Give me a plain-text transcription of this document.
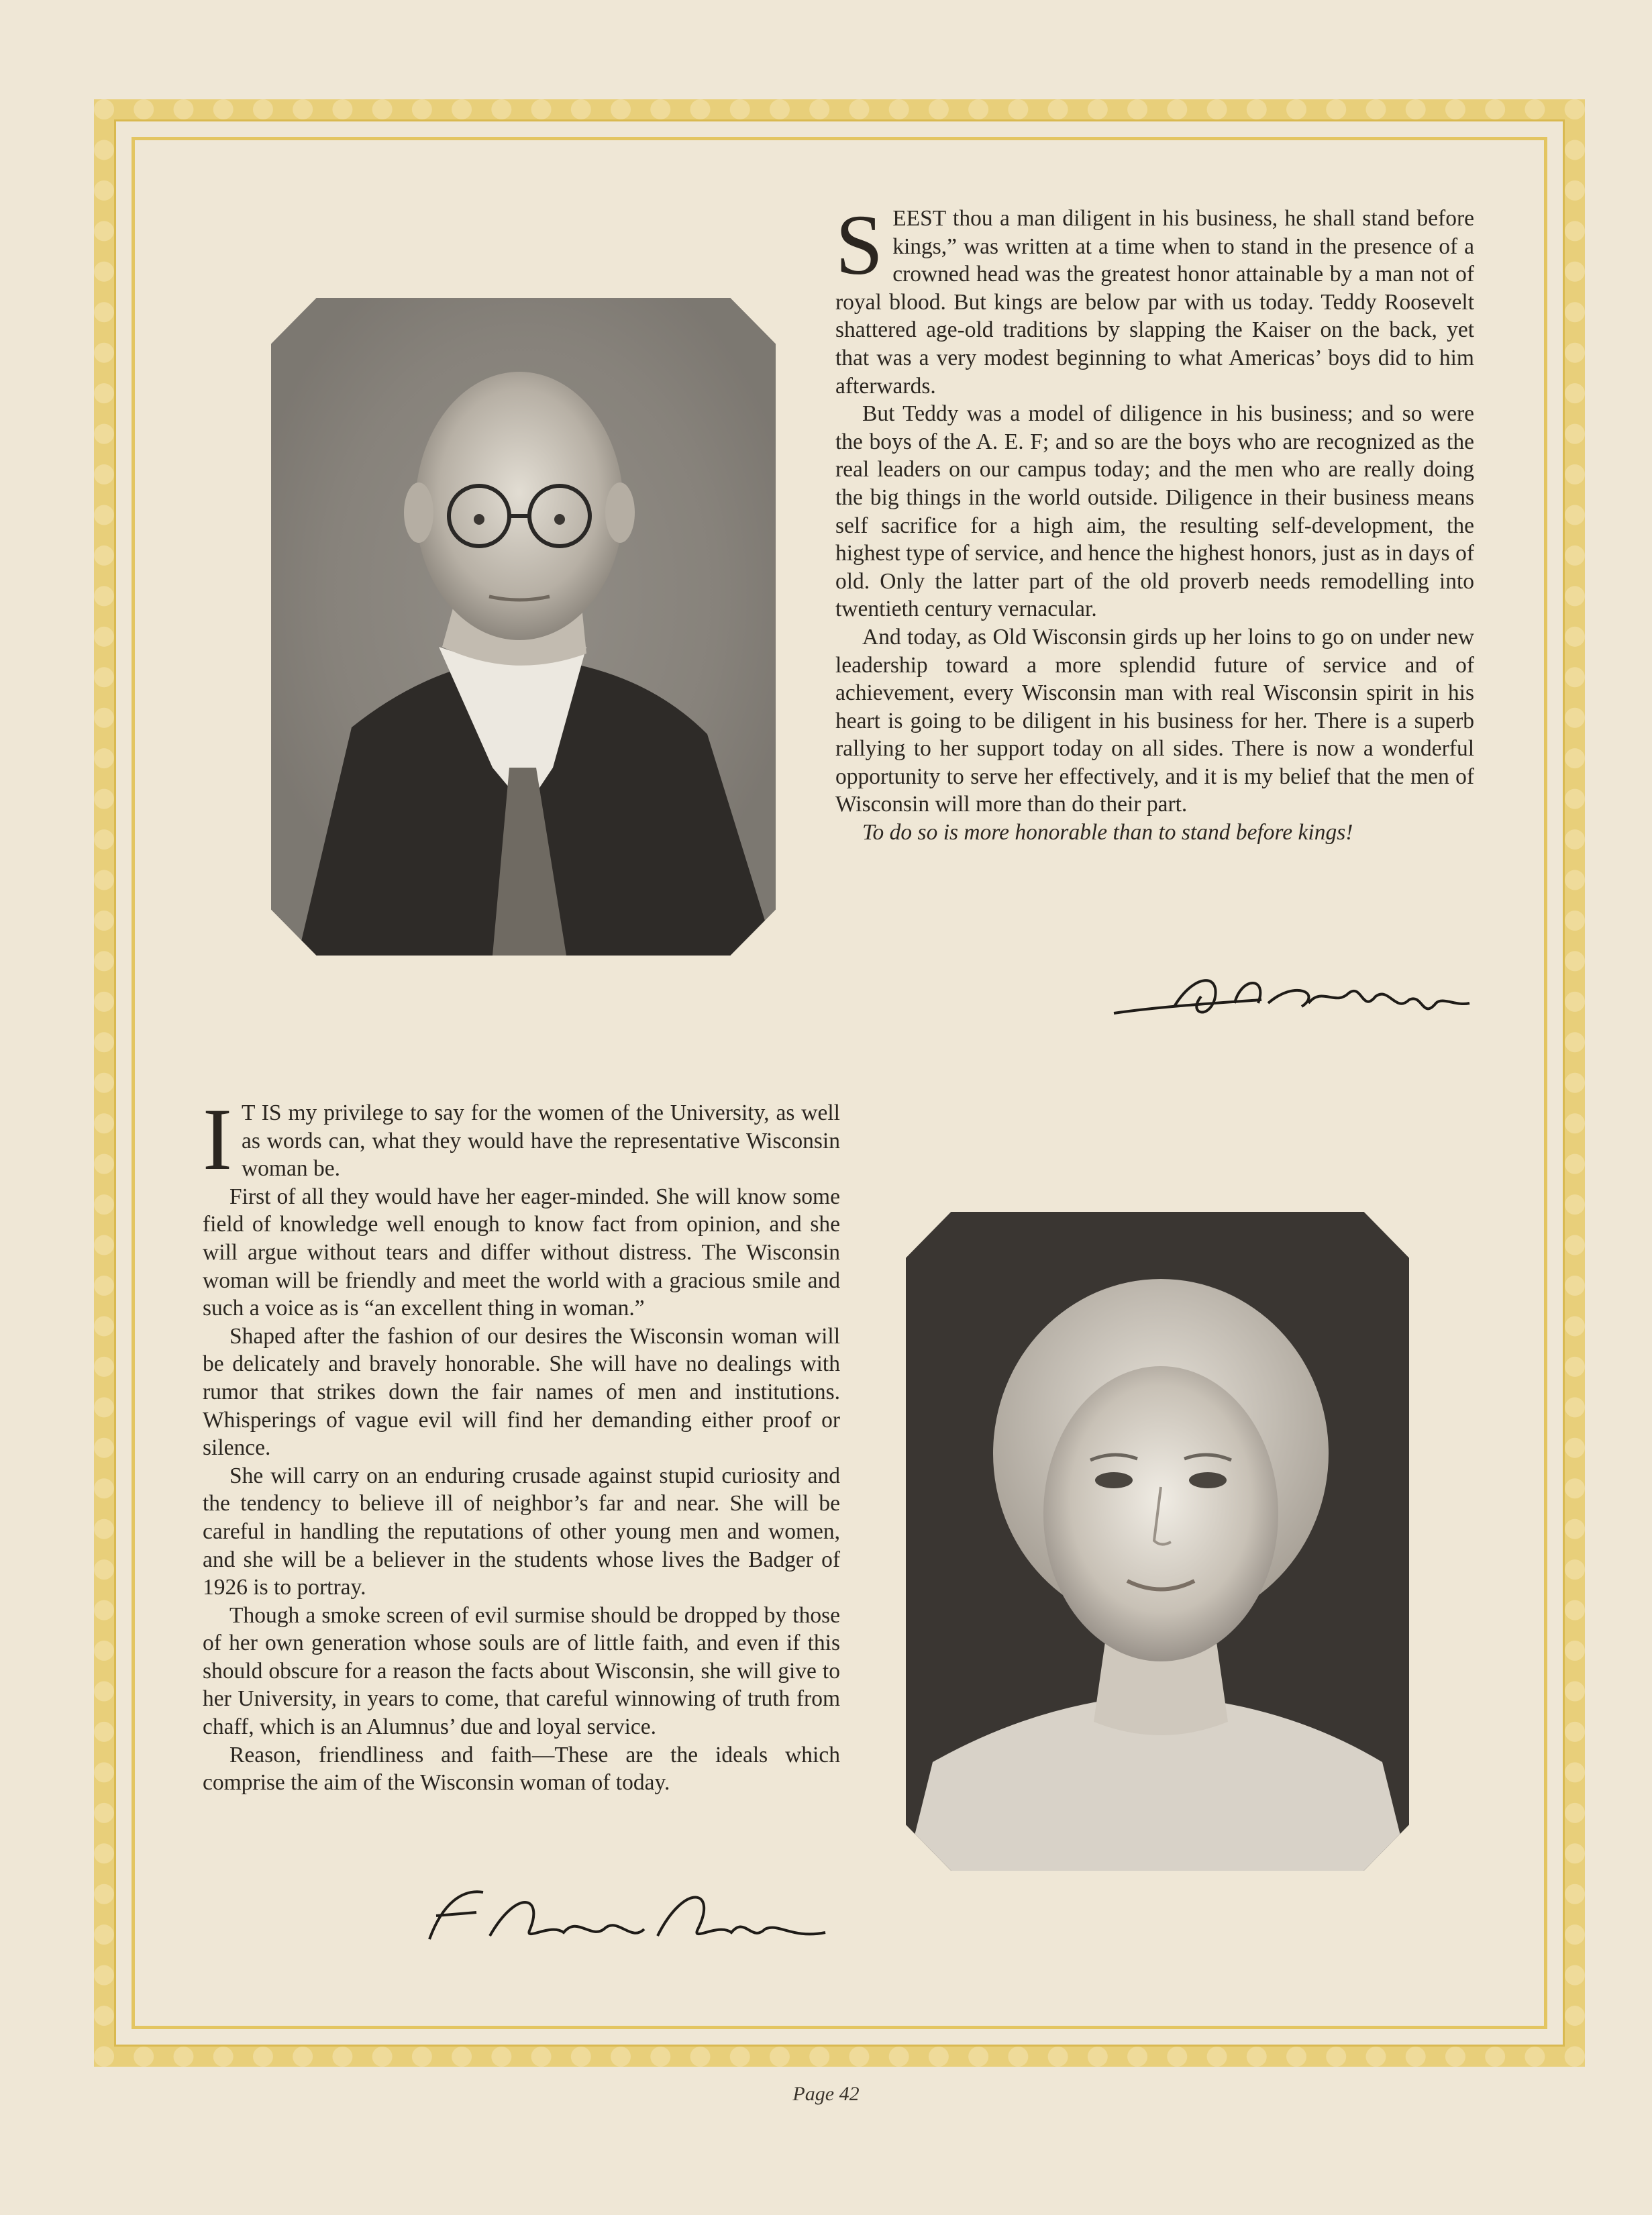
SEEST thou a man diligent in his business, he shall stand before kings,” was written at a time when to stand in the presence of a crowned head was the greatest honor attainable by a man not of royal blood. But kings are below par with us today. Teddy Roosevelt shattered age-old traditions by slapping the Kaiser on the back, yet that was a very modest beginning to what Americas’ boys did to him afterwards.

But Teddy was a model of diligence in his business; and so were the boys of the A. E. F; and so are the boys who are recognized as the real leaders on our campus today; and the men who are really doing the big things in the world outside. Diligence in their business means self sacrifice for a high aim, the resulting self-development, the highest type of service, and hence the highest honors, just as in days of old. Only the latter part of the old proverb needs remodelling into twentieth century vernacular.

And today, as Old Wisconsin girds up her loins to go on under new leadership toward a more splendid future of service and of achievement, every Wisconsin man with real Wisconsin spirit in his heart is going to be diligent in his business for her. There is a superb rallying to her support today on all sides. There is now a wonderful opportunity to serve her effectively, and it is my belief that the men of Wisconsin will more than do their part.

To do so is more honorable than to stand before kings!

I T IS my privilege to say for the women of the University, as well as words can, what they would have the representative Wisconsin woman be.

First of all they would have her eager-minded. She will know some field of knowledge well enough to know fact from opinion, and she will argue without tears and differ without distress. The Wisconsin woman will be friendly and meet the world with a gracious smile and such a voice as is “an excellent thing in woman.”

Shaped after the fashion of our desires the Wisconsin woman will be delicately and bravely honorable. She will have no dealings with rumor that strikes down the fair names of men and institutions. Whisperings of vague evil will find her demanding either proof or silence.

She will carry on an enduring crusade against stupid curiosity and the tendency to believe ill of neighbor’s far and near. She will be careful in handling the reputations of other young men and women, and she will be a believer in the students whose lives the Badger of 1926 is to portray.

Though a smoke screen of evil surmise should be dropped by those of her own generation whose souls are of little faith, and even if this should obscure for a reason the facts about Wisconsin, she will give to her University, in years to come, that careful winnowing of truth from chaff, which is an Alumnus’ due and loyal service.

Reason, friendliness and faith—These are the ideals which comprise the aim of the Wisconsin woman of today.

Page 42
